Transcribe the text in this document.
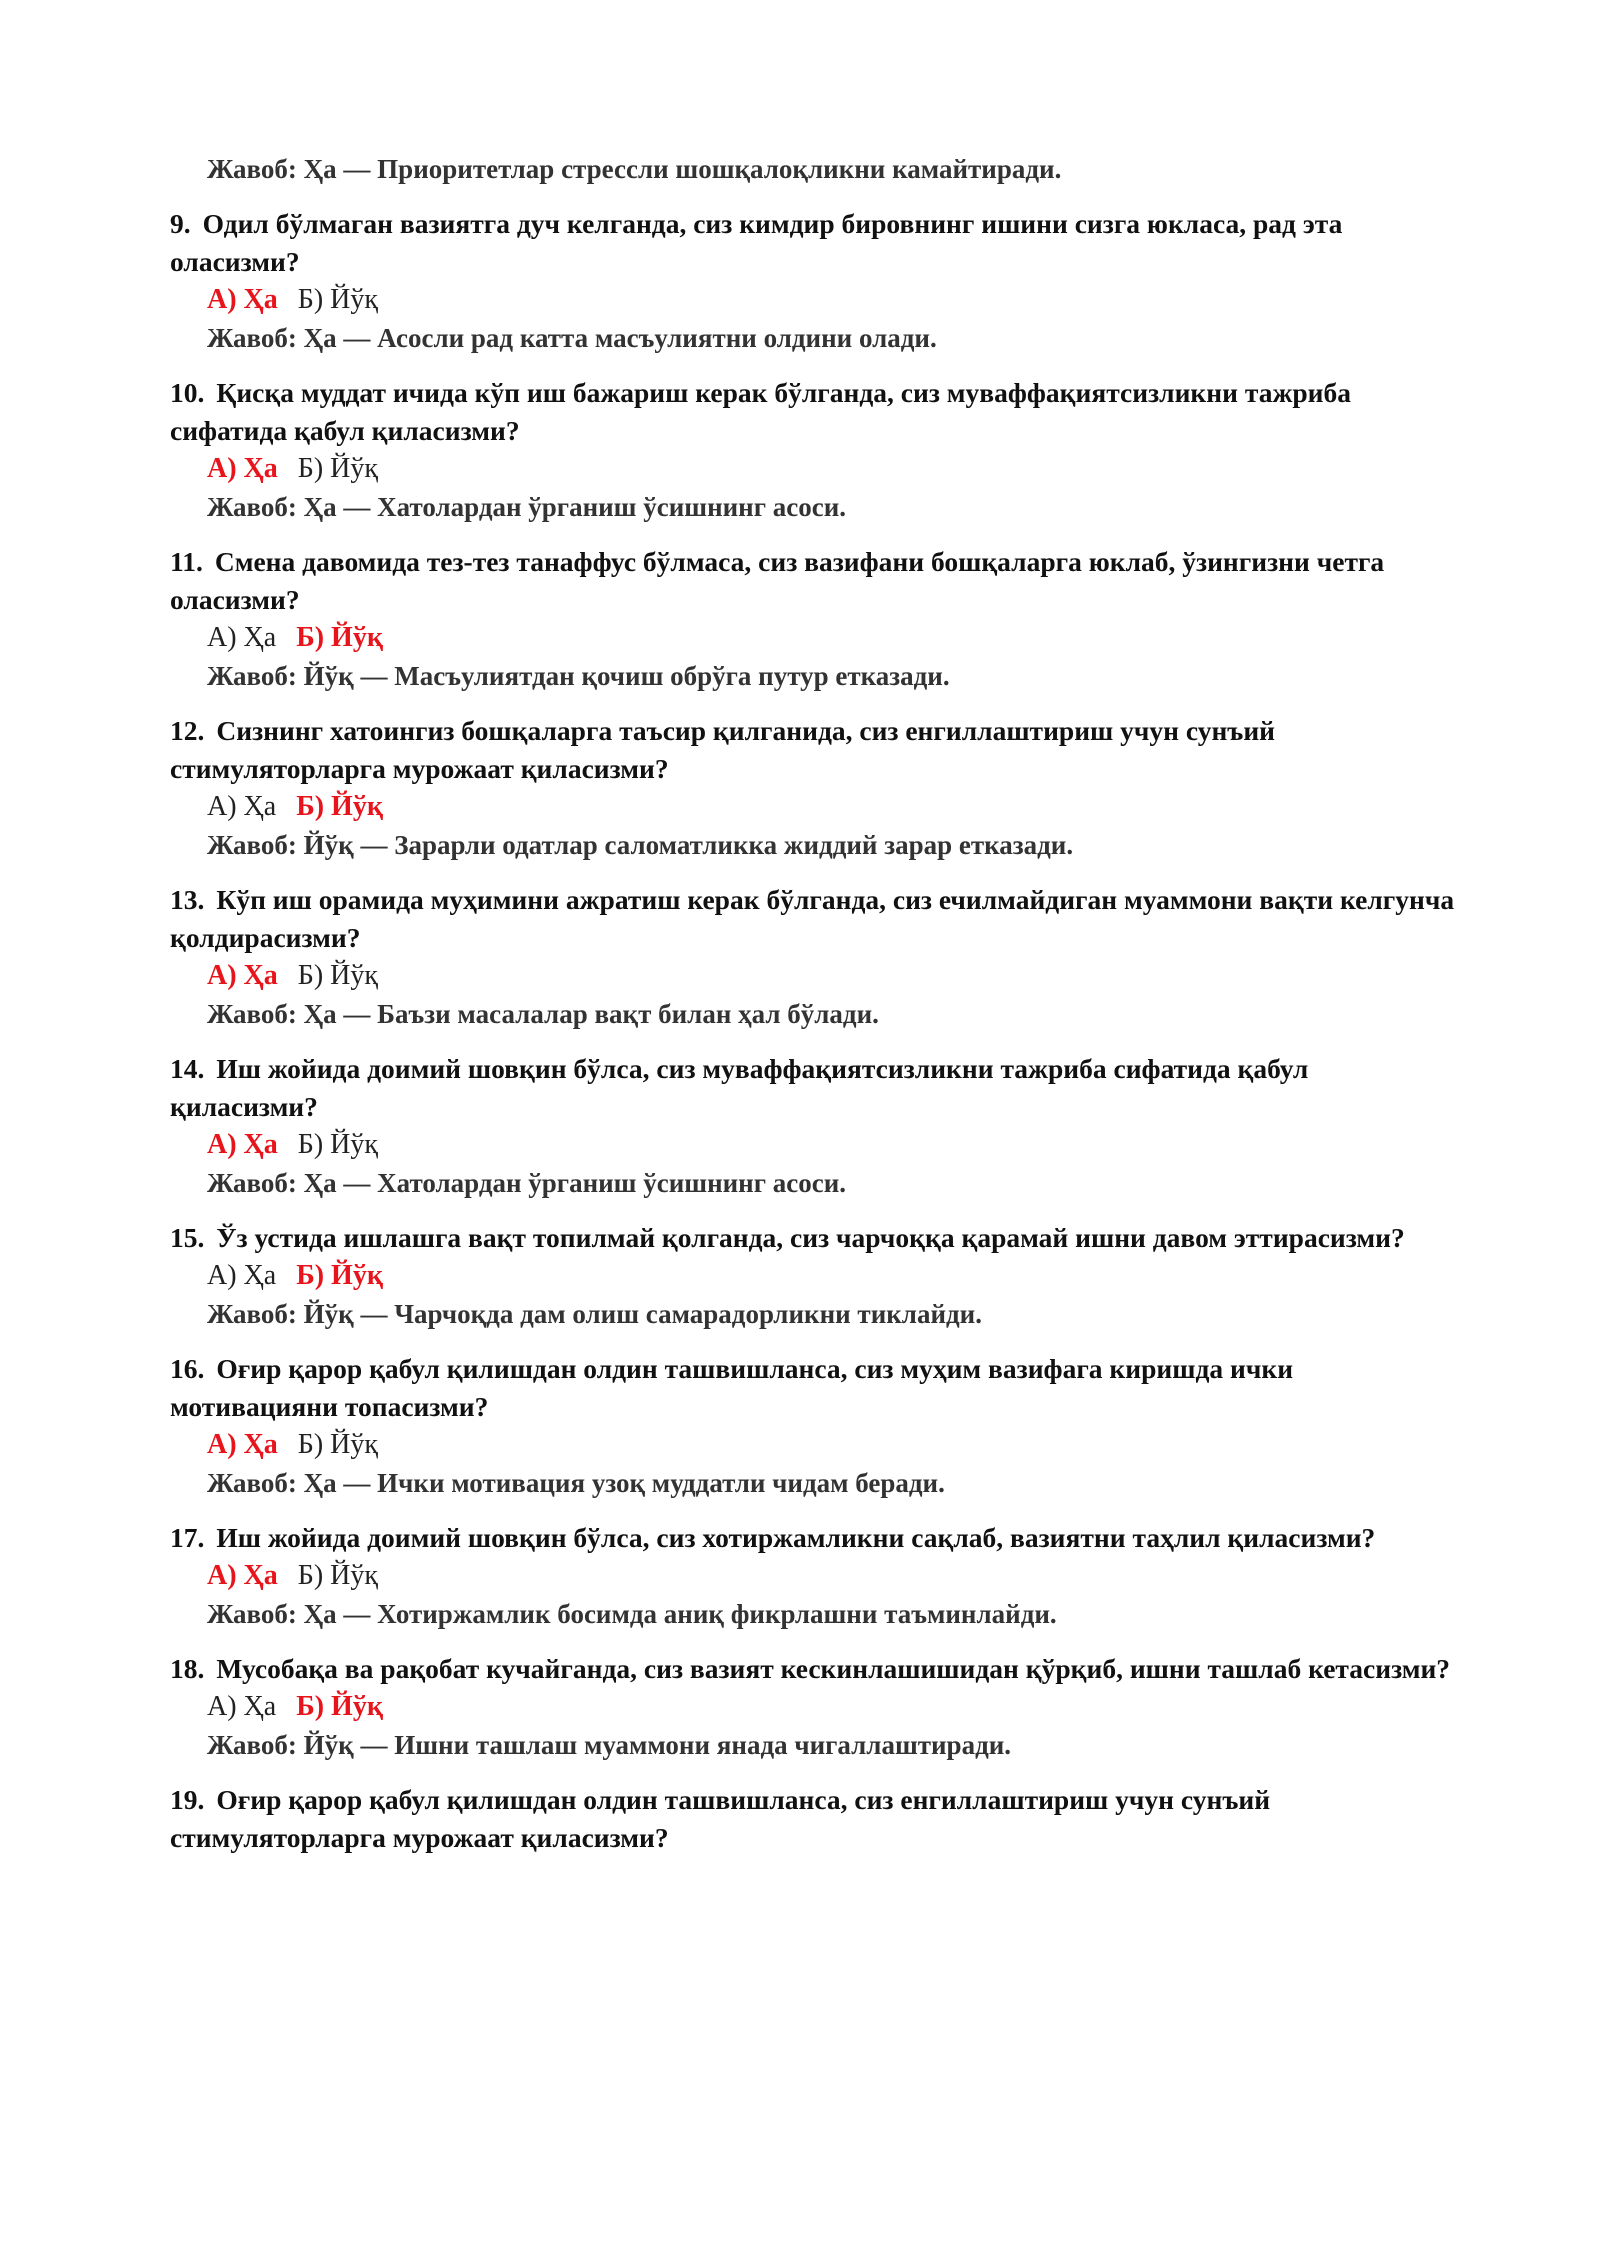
Жавоб: Ҳа — Приоритетлар стрессли шошқалоқликни камайтиради.
9. Одил бўлмаган вазиятга дуч келганда, сиз кимдир бировнинг ишини сизга юкласа, рад эта оласизми?
А) Ҳа Б) Йўқ
Жавоб: Ҳа — Асосли рад катта масъулиятни олдини олади.
10. Қисқа муддат ичида кўп иш бажариш керак бўлганда, сиз муваффақиятсизликни тажриба сифатида қабул қиласизми?
А) Ҳа Б) Йўқ
Жавоб: Ҳа — Хатолардан ўрганиш ўсишнинг асоси.
11. Смена давомида тез-тез танаффус бўлмаса, сиз вазифани бошқаларга юклаб, ўзингизни четга оласизми?
А) Ҳа Б) Йўқ
Жавоб: Йўқ — Масъулиятдан қочиш обрўга путур етказади.
12. Сизнинг хатоингиз бошқаларга таъсир қилганида, сиз енгиллаштириш учун сунъий стимуляторларга мурожаат қиласизми?
А) Ҳа Б) Йўқ
Жавоб: Йўқ — Зарарли одатлар саломатликка жиддий зарар етказади.
13. Кўп иш орамида муҳимини ажратиш керак бўлганда, сиз ечилмайдиган муаммони вақти келгунча қолдирасизми?
А) Ҳа Б) Йўқ
Жавоб: Ҳа — Баъзи масалалар вақт билан ҳал бўлади.
14. Иш жойида доимий шовқин бўлса, сиз муваффақиятсизликни тажриба сифатида қабул қиласизми?
А) Ҳа Б) Йўқ
Жавоб: Ҳа — Хатолардан ўрганиш ўсишнинг асоси.
15. Ўз устида ишлашга вақт топилмай қолганда, сиз чарчоққа қарамай ишни давом эттирасизми?
А) Ҳа Б) Йўқ
Жавоб: Йўқ — Чарчоқда дам олиш самарадорликни тиклайди.
16. Оғир қарор қабул қилишдан олдин ташвишланса, сиз муҳим вазифага киришда ички мотивацияни топасизми?
А) Ҳа Б) Йўқ
Жавоб: Ҳа — Ички мотивация узоқ муддатли чидам беради.
17. Иш жойида доимий шовқин бўлса, сиз хотиржамликни сақлаб, вазиятни таҳлил қиласизми?
А) Ҳа Б) Йўқ
Жавоб: Ҳа — Хотиржамлик босимда аниқ фикрлашни таъминлайди.
18. Мусобақа ва рақобат кучайганда, сиз вазият кескинлашишидан қўрқиб, ишни ташлаб кетасизми?
А) Ҳа Б) Йўқ
Жавоб: Йўқ — Ишни ташлаш муаммони янада чигаллаштиради.
19. Оғир қарор қабул қилишдан олдин ташвишланса, сиз енгиллаштириш учун сунъий стимуляторларга мурожаат қиласизми?
